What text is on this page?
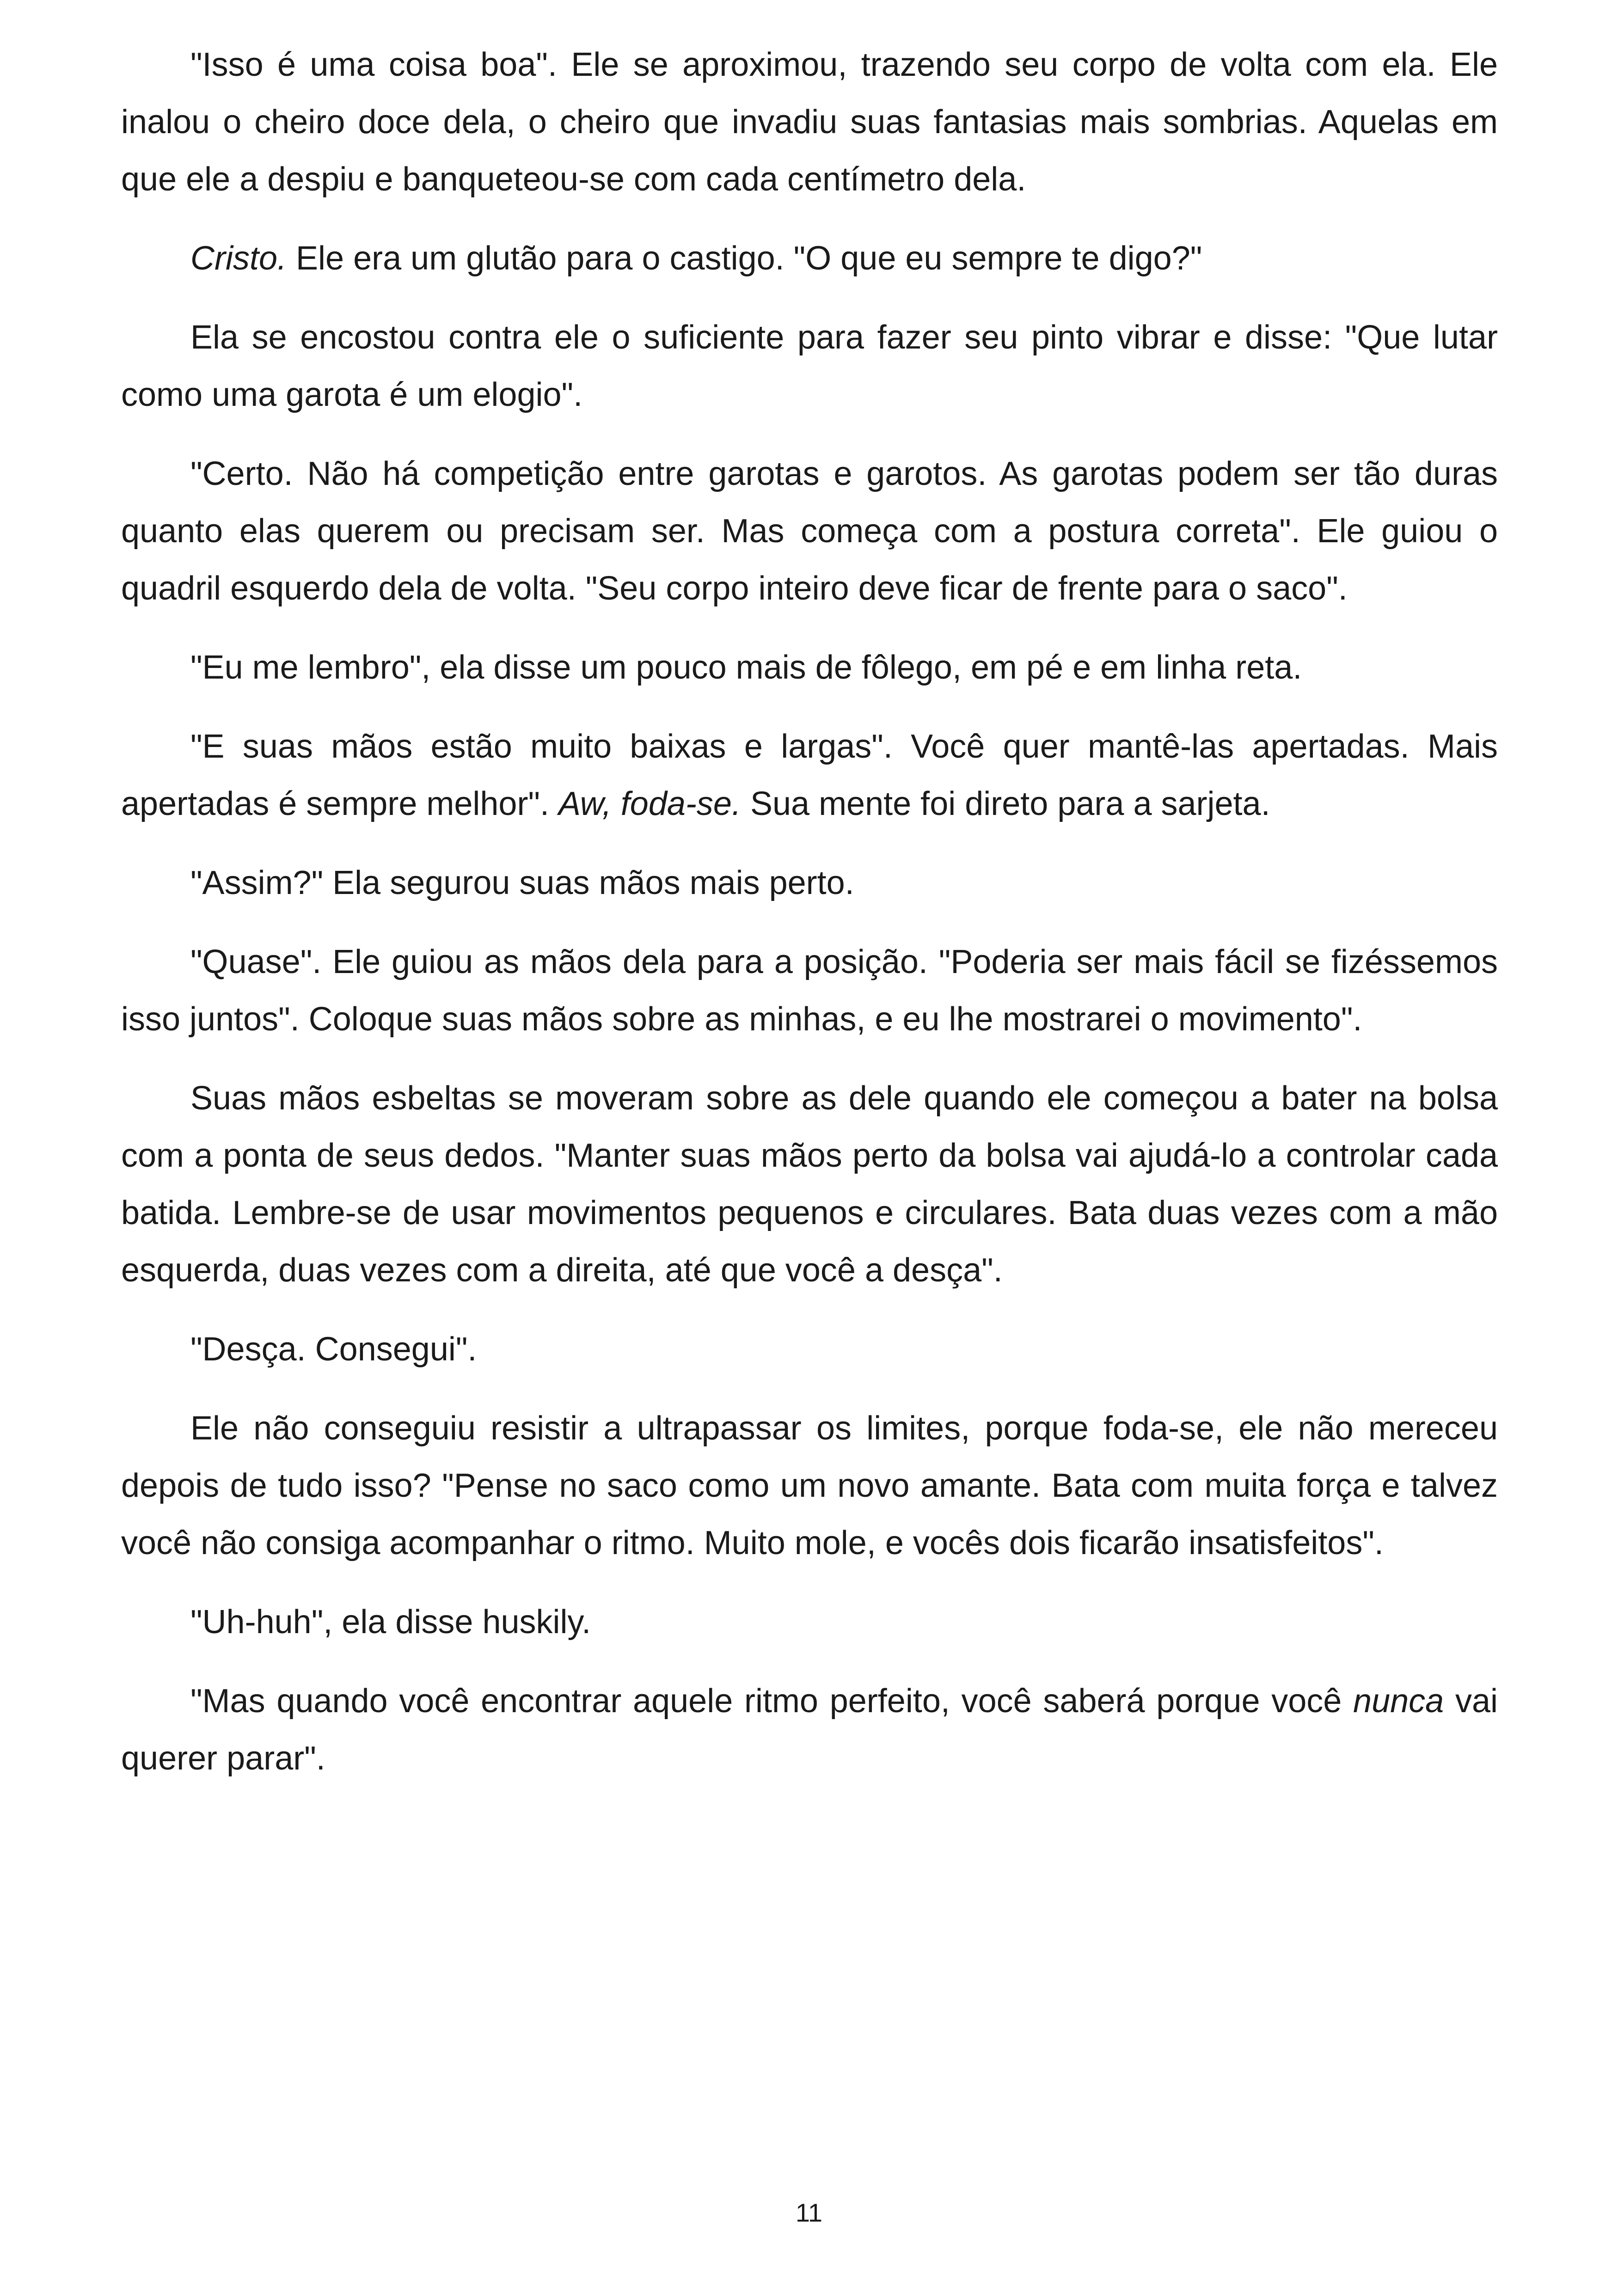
"Isso é uma coisa boa". Ele se aproximou, trazendo seu corpo de volta com ela. Ele inalou o cheiro doce dela, o cheiro que invadiu suas fantasias mais sombrias. Aquelas em que ele a despiu e banqueteou-se com cada centímetro dela.

Cristo. Ele era um glutão para o castigo. "O que eu sempre te digo?"

Ela se encostou contra ele o suficiente para fazer seu pinto vibrar e disse: "Que lutar como uma garota é um elogio".

"Certo. Não há competição entre garotas e garotos. As garotas podem ser tão duras quanto elas querem ou precisam ser. Mas começa com a postura correta". Ele guiou o quadril esquerdo dela de volta. "Seu corpo inteiro deve ficar de frente para o saco".

"Eu me lembro", ela disse um pouco mais de fôlego, em pé e em linha reta.

"E suas mãos estão muito baixas e largas". Você quer mantê-las apertadas. Mais apertadas é sempre melhor". Aw, foda-se. Sua mente foi direto para a sarjeta.

"Assim?" Ela segurou suas mãos mais perto.

"Quase". Ele guiou as mãos dela para a posição. "Poderia ser mais fácil se fizéssemos isso juntos". Coloque suas mãos sobre as minhas, e eu lhe mostrarei o movimento".

Suas mãos esbeltas se moveram sobre as dele quando ele começou a bater na bolsa com a ponta de seus dedos. "Manter suas mãos perto da bolsa vai ajudá-lo a controlar cada batida. Lembre-se de usar movimentos pequenos e circulares. Bata duas vezes com a mão esquerda, duas vezes com a direita, até que você a desça".

"Desça. Consegui".

Ele não conseguiu resistir a ultrapassar os limites, porque foda-se, ele não mereceu depois de tudo isso? "Pense no saco como um novo amante. Bata com muita força e talvez você não consiga acompanhar o ritmo. Muito mole, e vocês dois ficarão insatisfeitos".

"Uh-huh", ela disse huskily.

"Mas quando você encontrar aquele ritmo perfeito, você saberá porque você nunca vai querer parar".

11
